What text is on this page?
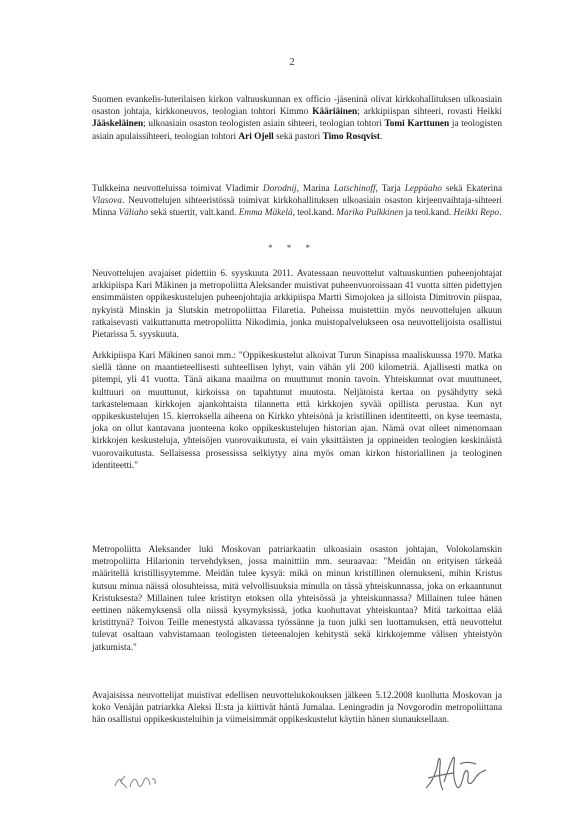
2

Suomen evankelis-luterilaisen kirkon valtuuskunnan ex officio -jäseninä olivat kirkkohallituksen ulkoasiain osaston johtaja, kirkkoneuvos, teologian tohtori Kimmo Kääriäinen; arkkipiispan sihteeri, rovasti Heikki Jääskeläinen; ulkoasiain osaston teologisten asiain sihteeri, teologian tohtori Tomi Karttunen ja teologisten asiain apulaissihteeri, teologian tohtori Ari Ojell sekä pastori Timo Rosqvist.

Tulkkeina neuvotteluissa toimivat Vladimir Dorodnij, Marina Latschinoff, Tarja Leppäaho sekä Ekaterina Vlasova. Neuvottelujen sihteeristössä toimivat kirkkohallituksen ulkoasiain osaston kirjeenvaihtaja-sihteeri Minna Väliaho sekä stuertit, valt.kand. Emma Mäkelä, teol.kand. Marika Pulkkinen ja teol.kand. Heikki Repo.

* * *

Neuvottelujen avajaiset pidettiin 6. syyskuuta 2011. Avatessaan neuvottelut valtuuskuntien puheenjohtajat arkkipiispa Kari Mäkinen ja metropoliitta Aleksander muistivat puheenvuoroissaan 41 vuotta sitten pidettyjen ensimmäisten oppikeskustelujen puheenjohtajia arkkipiispa Martti Simojokea ja silloista Dimitrovin piispaa, nykyistä Minskin ja Slutskin metropoliittaa Filaretia. Puheissa muistettiin myös neuvottelujen alkuun ratkaisevasti vaikuttanutta metropoliitta Nikodimia, jonka muistopalvelukseen osa neuvottelijoista osallistui Pietarissa 5. syyskuuta.

Arkkipiispa Kari Mäkinen sanoi mm.: "Oppikeskustelut alkoivat Turun Sinapissa maaliskuussa 1970. Matka siellä tänne on maantieteellisesti suhteellisen lyhyt, vain vähän yli 200 kilometriä. Ajallisesti matka on pitempi, yli 41 vuotta. Tänä aikana maailma on muuttunut monin tavoin. Yhteiskunnat ovat muuttuneet, kulttuuri on muuttunut, kirkoissa on tapahtunut muutosta. Neljätoista kertaa on pysähdytty sekä tarkastelemaan kirkkojen ajankohtaista tilannetta että kirkkojen syvää opillista perustaa. Kun nyt oppikeskustelujen 15. kierroksella aiheena on Kirkko yhteisönä ja kristillinen identiteetti, on kyse teemasta, joka on ollut kantavana juonteena koko oppikeskustelujen historian ajan. Nämä ovat olleet nimenomaan kirkkojen keskusteluja, yhteisöjen vuorovaikutusta, ei vain yksittäisten ja oppineiden teologien keskinäistä vuorovaikutusta. Sellaisessa prosessissa selkiytyy aina myös oman kirkon historiallinen ja teologinen identiteetti."

Metropoliitta Aleksander luki Moskovan patriarkaatin ulkoasiain osaston johtajan, Volokolamskin metropoliitta Hilarionin tervehdyksen, jossa mainittiin mm. seuraavaa: "Meidän on erityisen tärkeää määritellä kristillisyytemme. Meidän tulee kysyä: mikä on minun kristillinen olemukseni, mihin Kristus kutsuu minua näissä olosuhteissa, mitä velvollisuuksia minulla on tässä yhteiskunnassa, joka on erkaantunut Kristuksesta? Millainen tulee kristityn etoksen olla yhteisössä ja yhteiskunnassa? Millainen tulee hänen eettinen näkemyksensä olla niissä kysymyksissä, jotka kuohuttavat yhteiskuntaa? Mitä tarkoittaa elää kristittynä? Toivon Teille menestystä alkavassa työssänne ja tuon julki sen luottamuksen, että neuvottelut tulevat osaltaan vahvistamaan teologisten tieteenalojen kehitystä sekä kirkkojemme välisen yhteistyön jatkumista."

Avajaisissa neuvottelijat muistivat edellisen neuvottelukokouksen jälkeen 5.12.2008 kuollutta Moskovan ja koko Venäjän patriarkka Aleksi II:sta ja kiittivät häntä Jumalaa. Leningradin ja Novgorodin metropoliittana hän osallistui oppikeskusteluihin ja viimeisimmät oppikeskustelut käytiin hänen siunauksellaan.
